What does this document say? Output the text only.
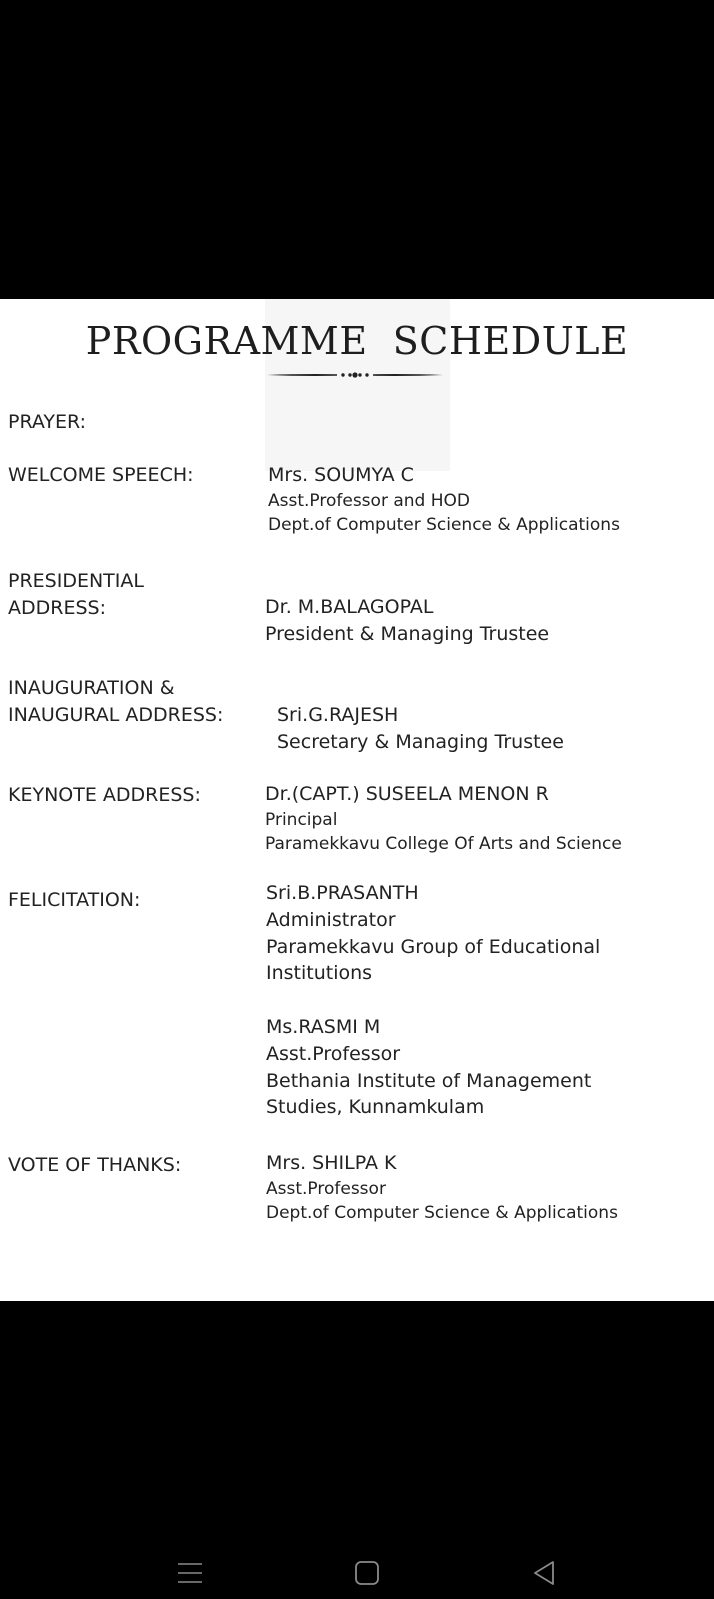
PROGRAMME  SCHEDULE

PRAYER:

WELCOME SPEECH:	Mrs. SOUMYA C

Asst.Professor and HOD

Dept.of Computer Science & Applications

PRESIDENTIAL

ADDRESS:	Dr. M.BALAGOPAL

President & Managing Trustee

INAUGURATION &

INAUGURAL ADDRESS:	Sri.G.RAJESH

Secretary & Managing Trustee

KEYNOTE ADDRESS:	Dr.(CAPT.) SUSEELA MENON R

Principal

Paramekkavu College Of Arts and Science

FELICITATION:	Sri.B.PRASANTH

Administrator

Paramekkavu Group of Educational

Institutions

Ms.RASMI M

Asst.Professor

Bethania Institute of Management

Studies, Kunnamkulam

VOTE OF THANKS:	Mrs. SHILPA K

Asst.Professor

Dept.of Computer Science & Applications
